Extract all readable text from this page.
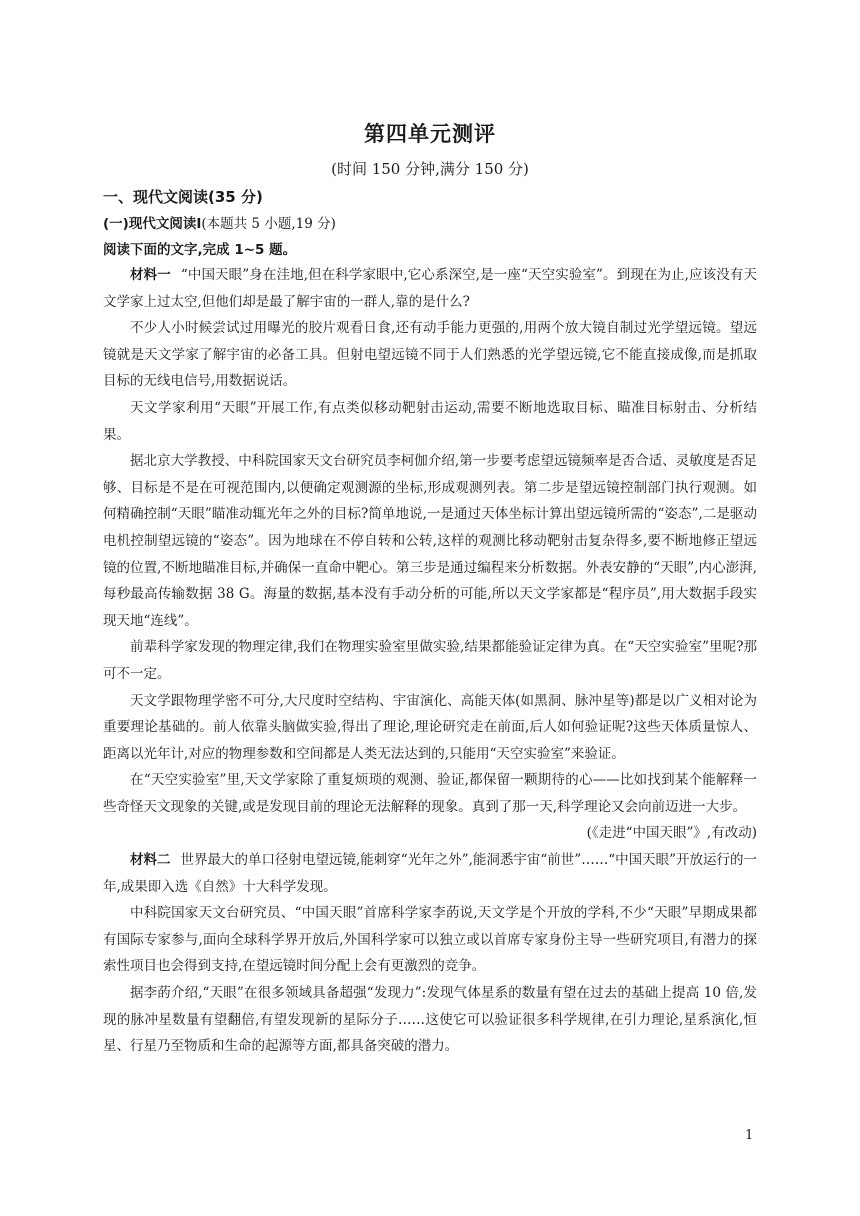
第四单元测评
(时间 150 分钟,满分 150 分)
一、现代文阅读(35 分)
(一)现代文阅读Ⅰ(本题共 5 小题,19 分)
阅读下面的文字,完成 1~5 题。

材料一 “中国天眼”身在洼地,但在科学家眼中,它心系深空,是一座“天空实验室”。到现在为止,应该没有天文学家上过太空,但他们却是最了解宇宙的一群人,靠的是什么?

不少人小时候尝试过用曝光的胶片观看日食,还有动手能力更强的,用两个放大镜自制过光学望远镜。望远镜就是天文学家了解宇宙的必备工具。但射电望远镜不同于人们熟悉的光学望远镜,它不能直接成像,而是抓取目标的无线电信号,用数据说话。

天文学家利用“天眼”开展工作,有点类似移动靶射击运动,需要不断地选取目标、瞄准目标射击、分析结果。

据北京大学教授、中科院国家天文台研究员李柯伽介绍,第一步要考虑望远镜频率是否合适、灵敏度是否足够、目标是不是在可视范围内,以便确定观测源的坐标,形成观测列表。第二步是望远镜控制部门执行观测。如何精确控制“天眼”瞄准动辄光年之外的目标?简单地说,一是通过天体坐标计算出望远镜所需的“姿态”,二是驱动电机控制望远镜的“姿态”。因为地球在不停自转和公转,这样的观测比移动靶射击复杂得多,要不断地修正望远镜的位置,不断地瞄准目标,并确保一直命中靶心。第三步是通过编程来分析数据。外表安静的“天眼”,内心澎湃,每秒最高传输数据 38 G。海量的数据,基本没有手动分析的可能,所以天文学家都是“程序员”,用大数据手段实现天地“连线”。

前辈科学家发现的物理定律,我们在物理实验室里做实验,结果都能验证定律为真。在“天空实验室”里呢?那可不一定。

天文学跟物理学密不可分,大尺度时空结构、宇宙演化、高能天体(如黑洞、脉冲星等)都是以广义相对论为重要理论基础的。前人依靠头脑做实验,得出了理论,理论研究走在前面,后人如何验证呢?这些天体质量惊人、距离以光年计,对应的物理参数和空间都是人类无法达到的,只能用“天空实验室”来验证。

在“天空实验室”里,天文学家除了重复烦琐的观测、验证,都保留一颗期待的心——比如找到某个能解释一些奇怪天文现象的关键,或是发现目前的理论无法解释的现象。真到了那一天,科学理论又会向前迈进一大步。

(《走进“中国天眼”》,有改动)

材料二 世界最大的单口径射电望远镜,能刺穿“光年之外”,能洞悉宇宙“前世”……“中国天眼”开放运行的一年,成果即入选《自然》十大科学发现。

中科院国家天文台研究员、“中国天眼”首席科学家李菂说,天文学是个开放的学科,不少“天眼”早期成果都有国际专家参与,面向全球科学界开放后,外国科学家可以独立或以首席专家身份主导一些研究项目,有潜力的探索性项目也会得到支持,在望远镜时间分配上会有更激烈的竞争。

据李菂介绍,“天眼”在很多领域具备超强“发现力”:发现气体星系的数量有望在过去的基础上提高 10 倍,发现的脉冲星数量有望翻倍,有望发现新的星际分子……这使它可以验证很多科学规律,在引力理论,星系演化,恒星、行星乃至物质和生命的起源等方面,都具备突破的潜力。

1
